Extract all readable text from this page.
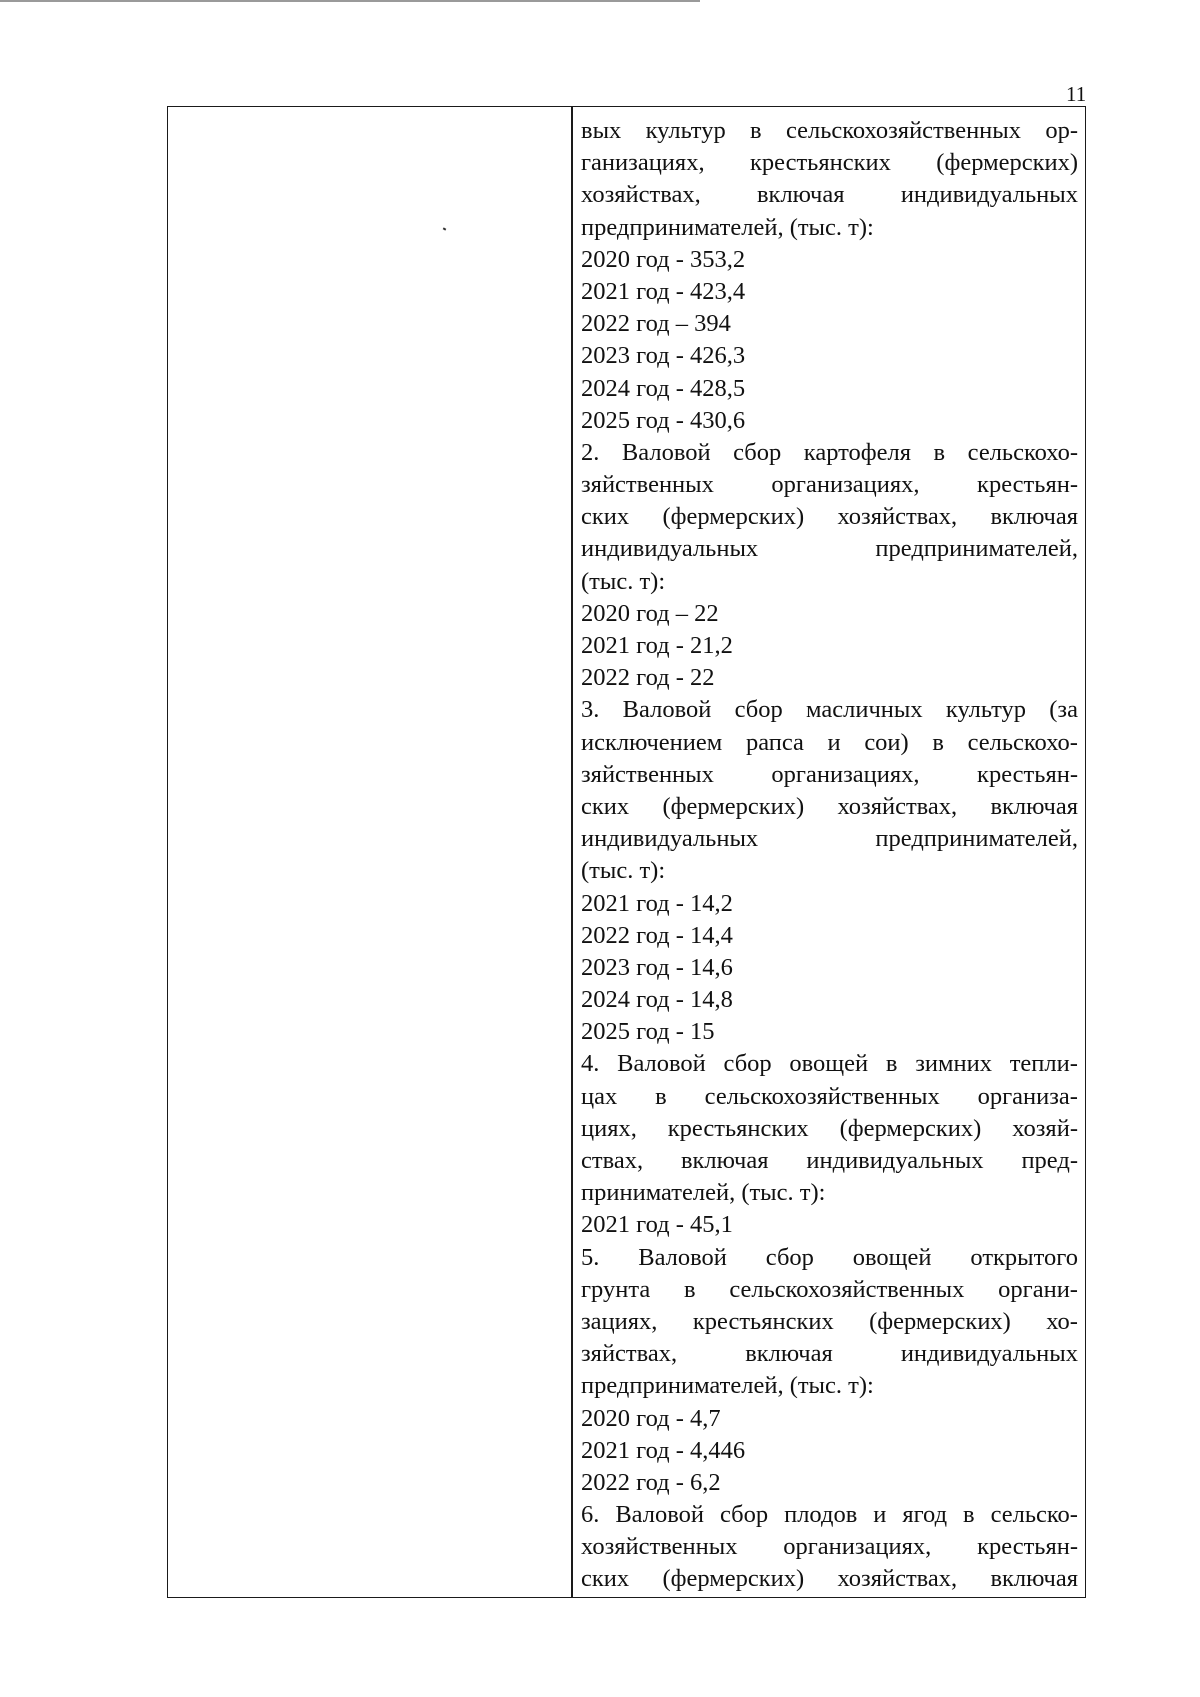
11
вых культур в сельскохозяйственных ор-
ганизациях, крестьянских (фермерских)
хозяйствах, включая индивидуальных
предпринимателей, (тыс. т):
2020 год - 353,2
2021 год - 423,4
2022 год – 394
2023 год - 426,3
2024 год - 428,5
2025 год - 430,6
2. Валовой сбор картофеля в сельскохо-
зяйственных организациях, крестьян-
ских (фермерских) хозяйствах, включая
индивидуальных	предпринимателей,
(тыс. т):
2020 год – 22
2021 год - 21,2
2022 год - 22
3. Валовой сбор масличных культур (за
исключением рапса и сои) в сельскохо-
зяйственных организациях, крестьян-
ских (фермерских) хозяйствах, включая
индивидуальных	предпринимателей,
(тыс. т):
2021 год - 14,2
2022 год - 14,4
2023 год - 14,6
2024 год - 14,8
2025 год - 15
4. Валовой сбор овощей в зимних тепли-
цах в сельскохозяйственных организа-
циях, крестьянских (фермерских) хозяй-
ствах, включая индивидуальных пред-
принимателей, (тыс. т):
2021 год - 45,1
5. Валовой сбор овощей открытого
грунта в сельскохозяйственных органи-
зациях, крестьянских (фермерских) хо-
зяйствах,	включая	индивидуальных
предпринимателей, (тыс. т):
2020 год - 4,7
2021 год - 4,446
2022 год - 6,2
6. Валовой сбор плодов и ягод в сельско-
хозяйственных организациях, крестьян-
ских (фермерских) хозяйствах, включая
